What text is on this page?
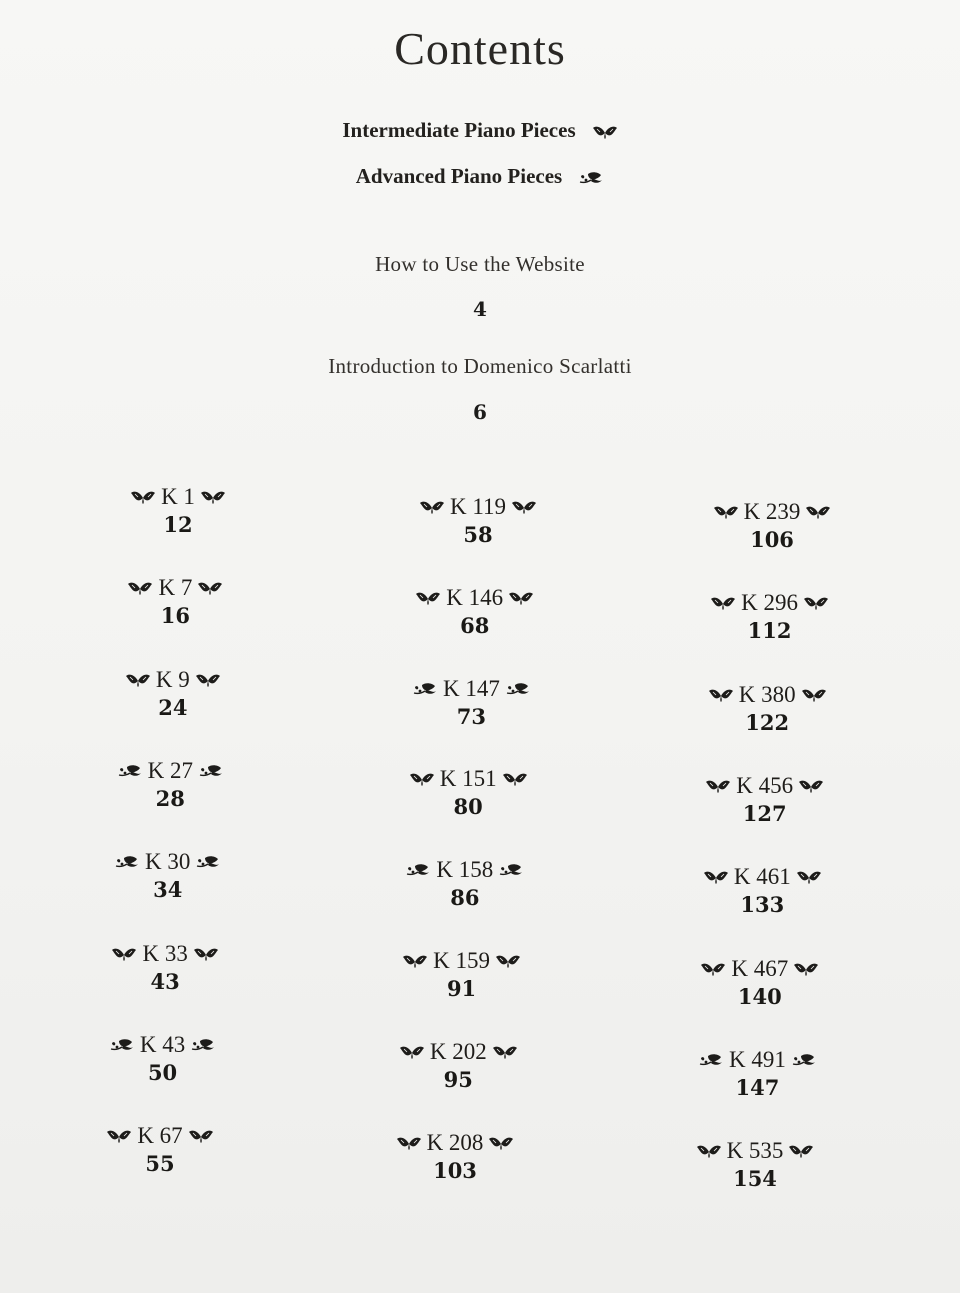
Contents
Intermediate Piano Pieces
Advanced Piano Pieces
How to Use the Website
4
Introduction to Domenico Scarlatti
6
K 1
12
K 7
16
K 9
24
K 27
28
K 30
34
K 33
43
K 43
50
K 67
55
K 119
58
K 146
68
K 147
73
K 151
80
K 158
86
K 159
91
K 202
95
K 208
103
K 239
106
K 296
112
K 380
122
K 456
127
K 461
133
K 467
140
K 491
147
K 535
154
